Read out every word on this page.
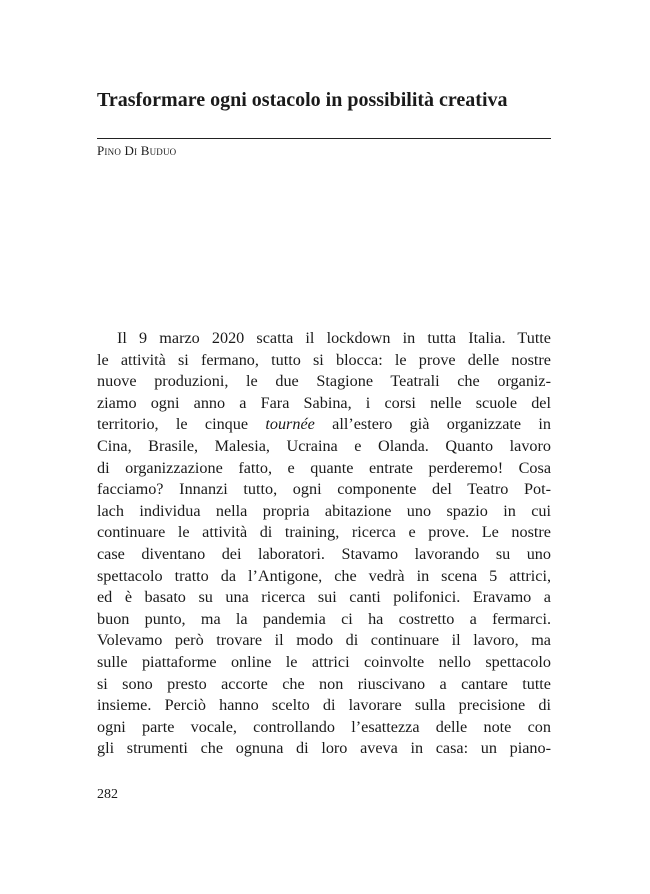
Trasformare ogni ostacolo in possibilità creativa
Pino Di Buduo
Il 9 marzo 2020 scatta il lockdown in tutta Italia. Tutte
le attività si fermano, tutto si blocca: le prove delle nostre
nuove produzioni, le due Stagione Teatrali che organiz-
ziamo ogni anno a Fara Sabina, i corsi nelle scuole del
territorio, le cinque tournée all’estero già organizzate in
Cina, Brasile, Malesia, Ucraina e Olanda. Quanto lavoro
di organizzazione fatto, e quante entrate perderemo! Cosa
facciamo? Innanzi tutto, ogni componente del Teatro Pot-
lach individua nella propria abitazione uno spazio in cui
continuare le attività di training, ricerca e prove. Le nostre
case diventano dei laboratori. Stavamo lavorando su uno
spettacolo tratto da l’Antigone, che vedrà in scena 5 attrici,
ed è basato su una ricerca sui canti polifonici. Eravamo a
buon punto, ma la pandemia ci ha costretto a fermarci.
Volevamo però trovare il modo di continuare il lavoro, ma
sulle piattaforme online le attrici coinvolte nello spettacolo
si sono presto accorte che non riuscivano a cantare tutte
insieme. Perciò hanno scelto di lavorare sulla precisione di
ogni parte vocale, controllando l’esattezza delle note con
gli strumenti che ognuna di loro aveva in casa: un piano-
282
